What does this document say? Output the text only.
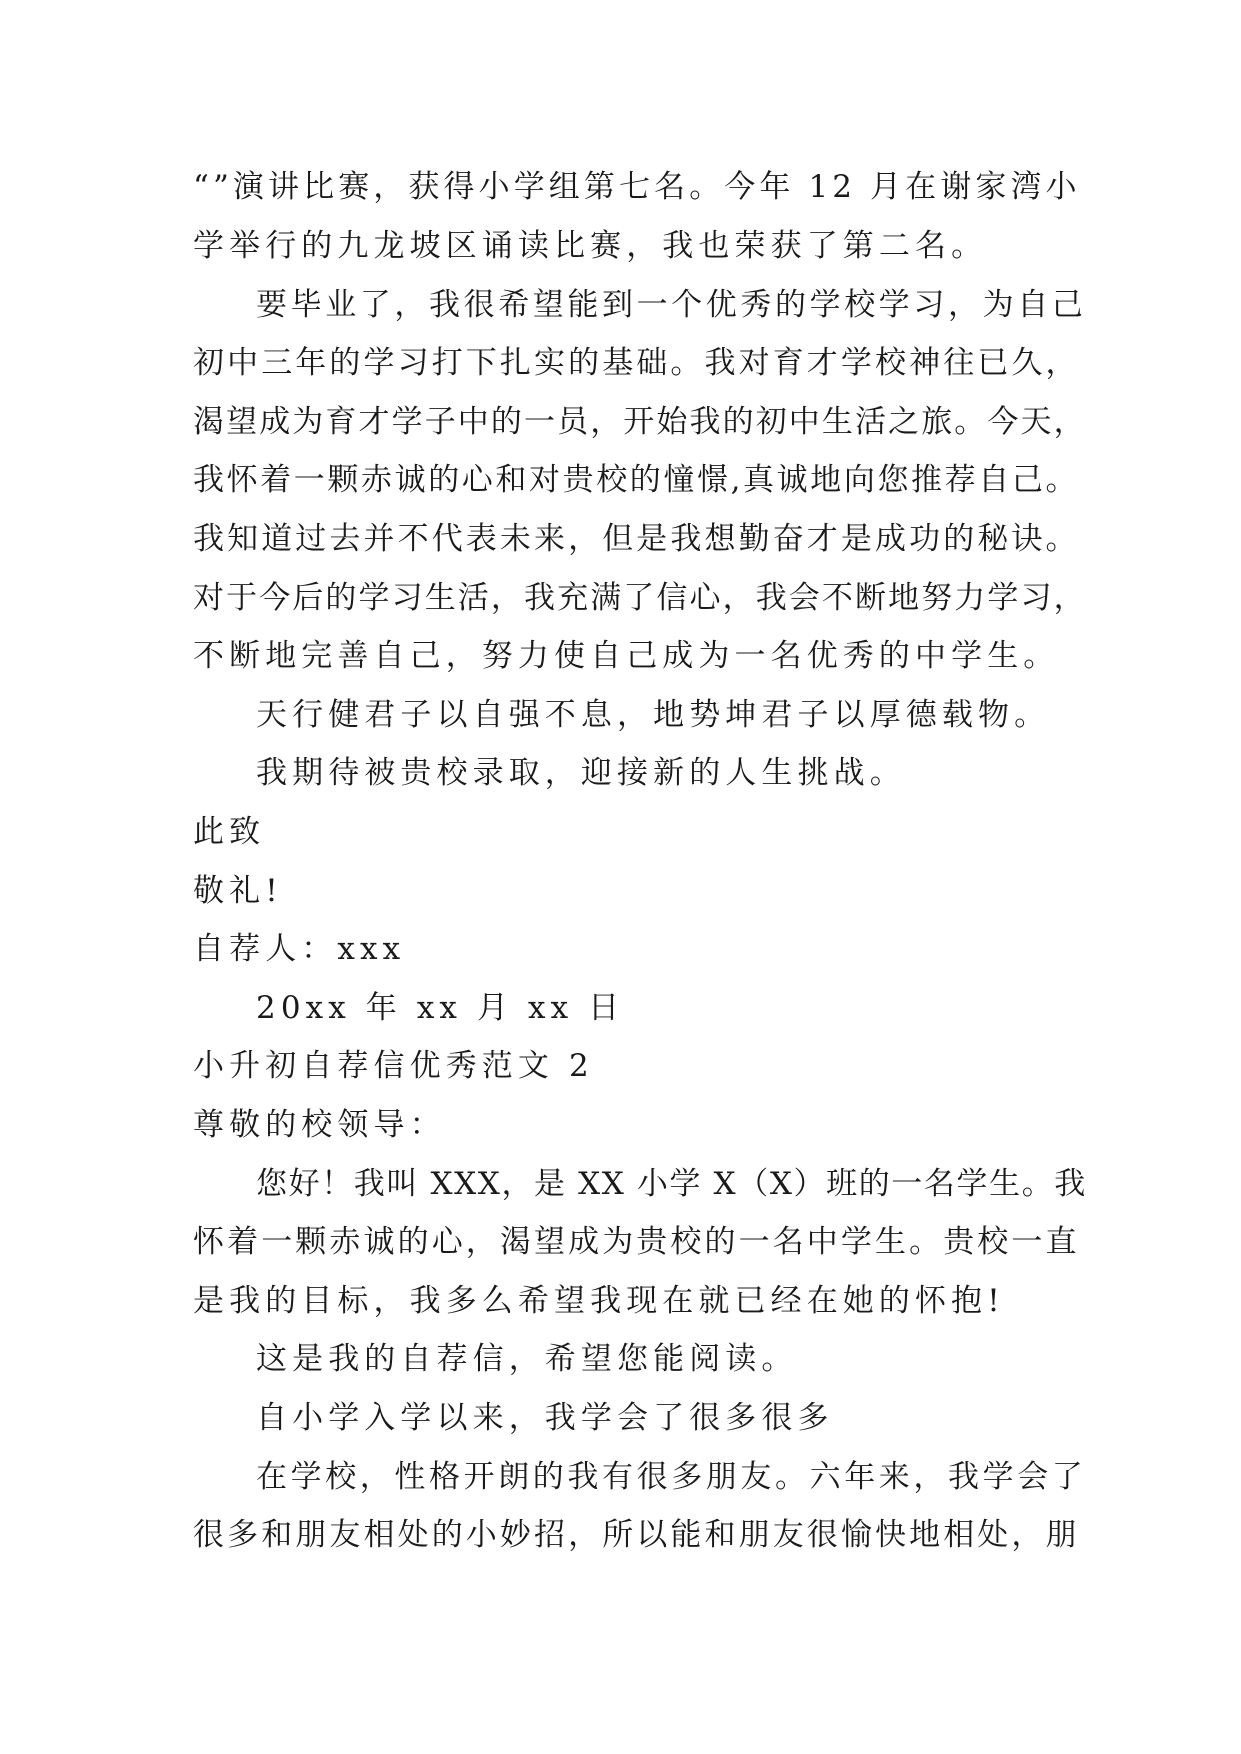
“”演讲比赛，获得小学组第七名。今年 12 月在谢家湾小
学举行的九龙坡区诵读比赛，我也荣获了第二名。
要毕业了，我很希望能到一个优秀的学校学习，为自己
初中三年的学习打下扎实的基础。我对育才学校神往已久，
渴望成为育才学子中的一员，开始我的初中生活之旅。今天，
我怀着一颗赤诚的心和对贵校的憧憬,真诚地向您推荐自己。
我知道过去并不代表未来，但是我想勤奋才是成功的秘诀。
对于今后的学习生活，我充满了信心，我会不断地努力学习，
不断地完善自己，努力使自己成为一名优秀的中学生。
天行健君子以自强不息，地势坤君子以厚德载物。
我期待被贵校录取，迎接新的人生挑战。
此致
敬礼!
自荐人：xxx
20xx 年 xx 月 xx 日
小升初自荐信优秀范文 2
尊敬的校领导：
您好！我叫 XXX，是 XX 小学 X（X）班的一名学生。我
怀着一颗赤诚的心，渴望成为贵校的一名中学生。贵校一直
是我的目标，我多么希望我现在就已经在她的怀抱!
这是我的自荐信，希望您能阅读。
自小学入学以来，我学会了很多很多
在学校，性格开朗的我有很多朋友。六年来，我学会了
很多和朋友相处的小妙招，所以能和朋友很愉快地相处，朋
